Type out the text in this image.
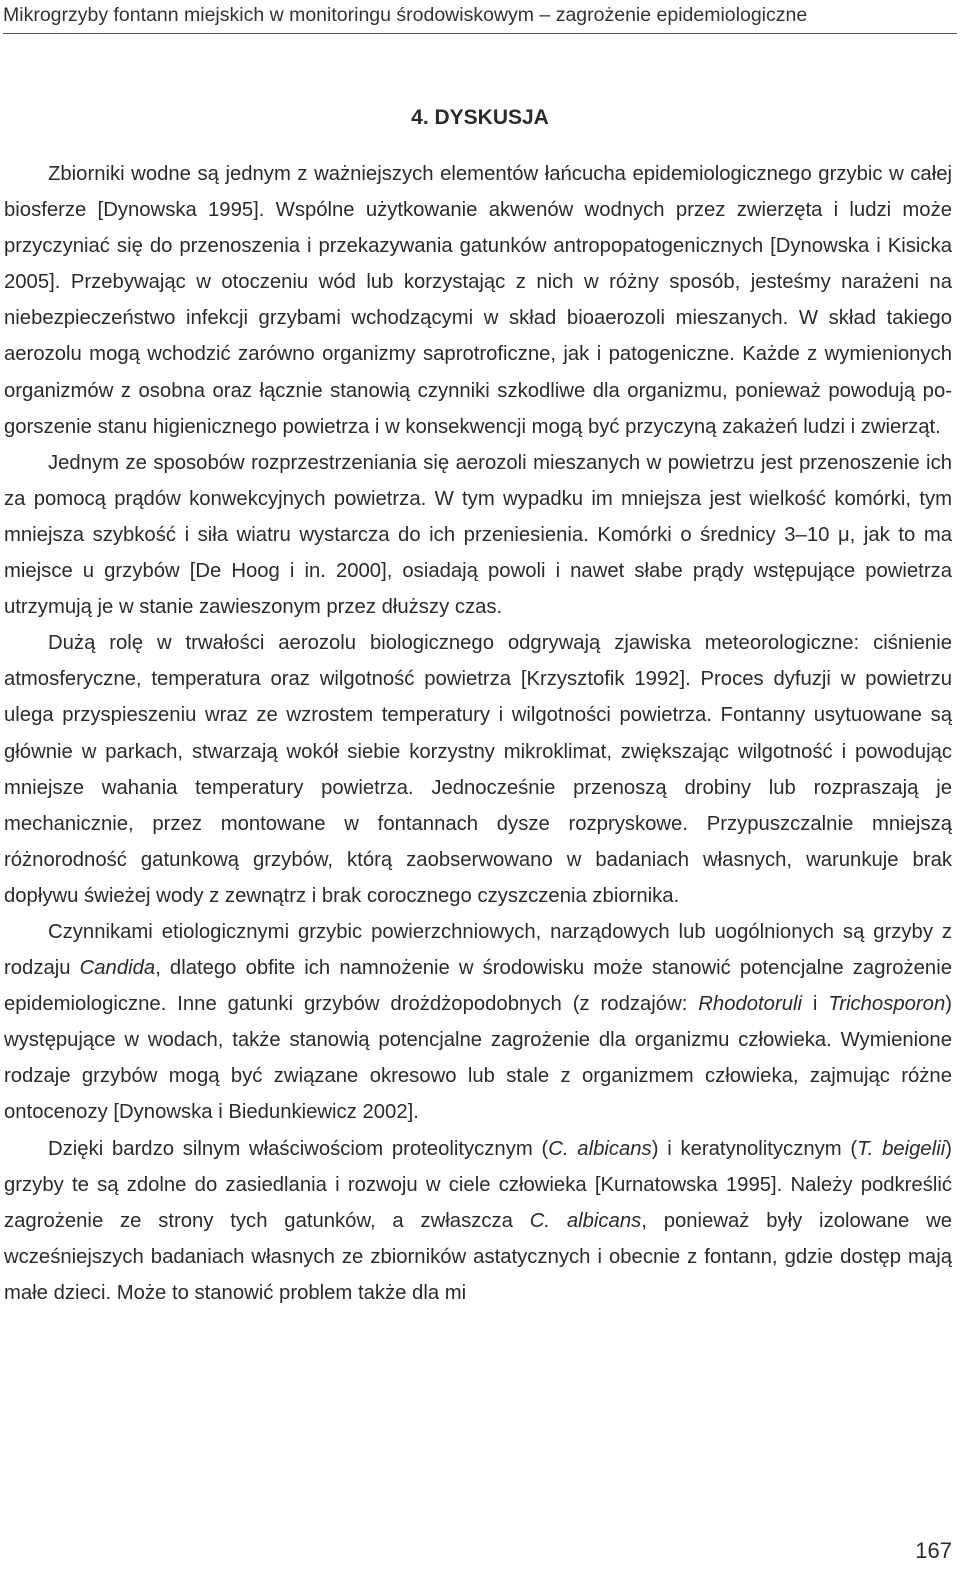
Mikrogrzyby fontann miejskich w monitoringu środowiskowym – zagrożenie epidemiologiczne
4. DYSKUSJA

Zbiorniki wodne są jednym z ważniejszych elementów łańcucha epidemiologicznego grzybic w całej biosferze [Dynowska 1995]. Wspólne użytkowanie akwenów wodnych przez zwierzęta i ludzi może przyczyniać się do przenoszenia i przekazywania gatunków antropopatogenicznych [Dynowska i Kisicka 2005]. Przebywając w otoczeniu wód lub korzystając z nich w różny sposób, jesteśmy narażeni na niebezpieczeństwo infekcji grzybami wchodzącymi w skład bioaerozoli mieszanych. W skład takiego aerozolu mogą wchodzić zarówno organizmy saprotroficzne, jak i patogeniczne. Każde z wymienionych organizmów z osobna oraz łącznie stanowią czynniki szkodliwe dla organizmu, ponieważ powodują pogorszenie stanu higienicznego powietrza i w konsekwencji mogą być przyczyną zakażeń ludzi i zwierząt.

Jednym ze sposobów rozprzestrzeniania się aerozoli mieszanych w powietrzu jest przenoszenie ich za pomocą prądów konwekcyjnych powietrza. W tym wypadku im mniejsza jest wielkość komórki, tym mniejsza szybkość i siła wiatru wystarcza do ich przeniesienia. Komórki o średnicy 3–10 μ, jak to ma miejsce u grzybów [De Hoog i in. 2000], osiadają powoli i nawet słabe prądy wstępujące powietrza utrzymują je w stanie zawieszonym przez dłuższy czas.

Dużą rolę w trwałości aerozolu biologicznego odgrywają zjawiska meteorologiczne: ciśnienie atmosferyczne, temperatura oraz wilgotność powietrza [Krzysztofik 1992]. Proces dyfuzji w powietrzu ulega przyspieszeniu wraz ze wzrostem temperatury i wilgotności powietrza. Fontanny usytuowane są głównie w parkach, stwarzają wokół siebie korzystny mikroklimat, zwiększając wilgotność i powodując mniejsze wahania temperatury powietrza. Jednocześnie przenoszą drobiny lub rozpraszają je mechanicznie, przez montowane w fontannach dysze rozpryskowe. Przypuszczalnie mniejszą różnorodność gatunkową grzybów, którą zaobserwowano w badaniach własnych, warunkuje brak dopływu świeżej wody z zewnątrz i brak corocznego czyszczenia zbiornika.

Czynnikami etiologicznymi grzybic powierzchniowych, narządowych lub uogólnionych są grzyby z rodzaju Candida, dlatego obfite ich namnożenie w środowisku może stanowić potencjalne zagrożenie epidemiologiczne. Inne gatunki grzybów drożdżopodobnych (z rodzajów: Rhodotoruli i Trichosporon) występujące w wodach, także stanowią potencjalne zagrożenie dla organizmu człowieka. Wymienione rodzaje grzybów mogą być związane okresowo lub stale z organizmem człowieka, zajmując różne ontocenozy [Dynowska i Biedunkiewicz 2002].

Dzięki bardzo silnym właściwościom proteolitycznym (C. albicans) i keratynolitycznym (T. beigelii) grzyby te są zdolne do zasiedlania i rozwoju w ciele człowieka [Kurnatowska 1995]. Należy podkreślić zagrożenie ze strony tych gatunków, a zwłaszcza C. albicans, ponieważ były izolowane we wcześniejszych badaniach własnych ze zbiorników astatycznych i obecnie z fontann, gdzie dostęp mają małe dzieci. Może to stanowić problem także dla mi

167
